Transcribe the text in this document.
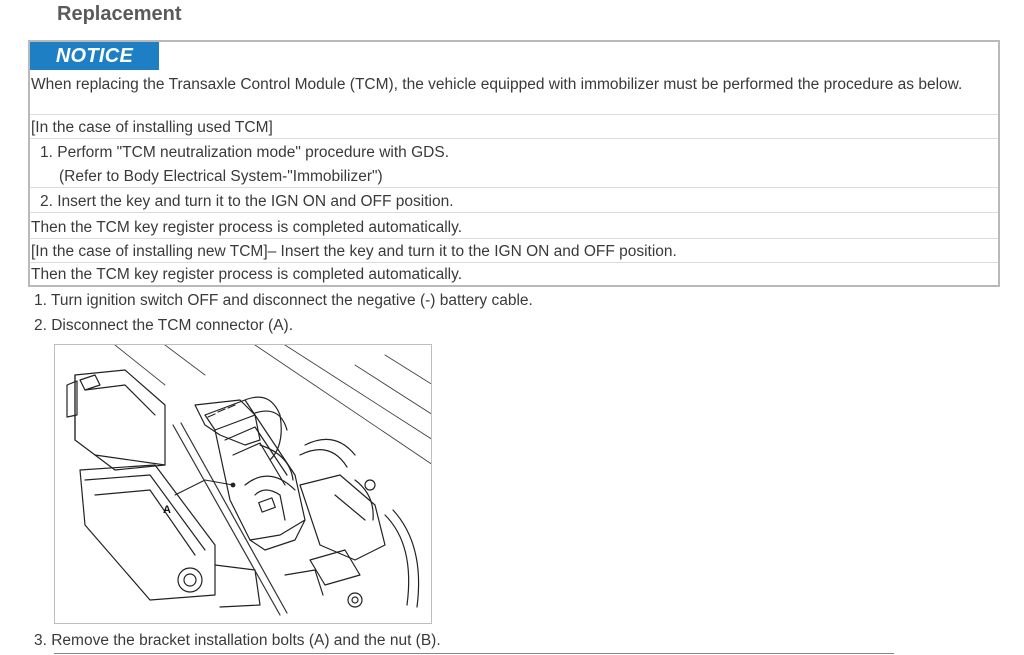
Replacement
NOTICE
When replacing the Transaxle Control Module (TCM), the vehicle equipped with immobilizer must be performed the procedure as below.
[In the case of installing used TCM]
1. Perform "TCM neutralization mode" procedure with GDS.
(Refer to Body Electrical System-"Immobilizer")
2. Insert the key and turn it to the IGN ON and OFF position.
Then the TCM key register process is completed automatically.
[In the case of installing new TCM]– Insert the key and turn it to the IGN ON and OFF position.
Then the TCM key register process is completed automatically.
1. Turn ignition switch OFF and disconnect the negative (-) battery cable.
2. Disconnect the TCM connector (A).
A
3. Remove the bracket installation bolts (A) and the nut (B).
